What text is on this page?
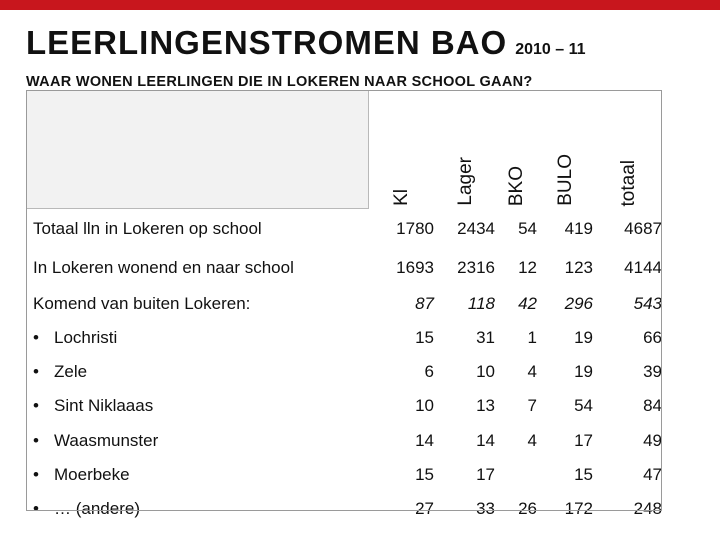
LEERLINGENSTROMEN BAO 2010 – 11
WAAR WONEN LEERLINGEN DIE IN LOKEREN NAAR SCHOOL GAAN?

	Kl	Lager	BKO	BULO	totaal

Totaal lln in Lokeren op school	1780	2434	54	419	4687
In Lokeren wonend en naar school	1693	2316	12	123	4144
Komend van buiten Lokeren:	87	118	42	296	543
• Lochristi	15	31	1	19	66
• Zele	6	10	4	19	39
• Sint Niklaaas	10	13	7	54	84
• Waasmunster	14	14	4	17	49
• Moerbeke	15	17		15	47
• … (andere)	27	33	26	172	248
